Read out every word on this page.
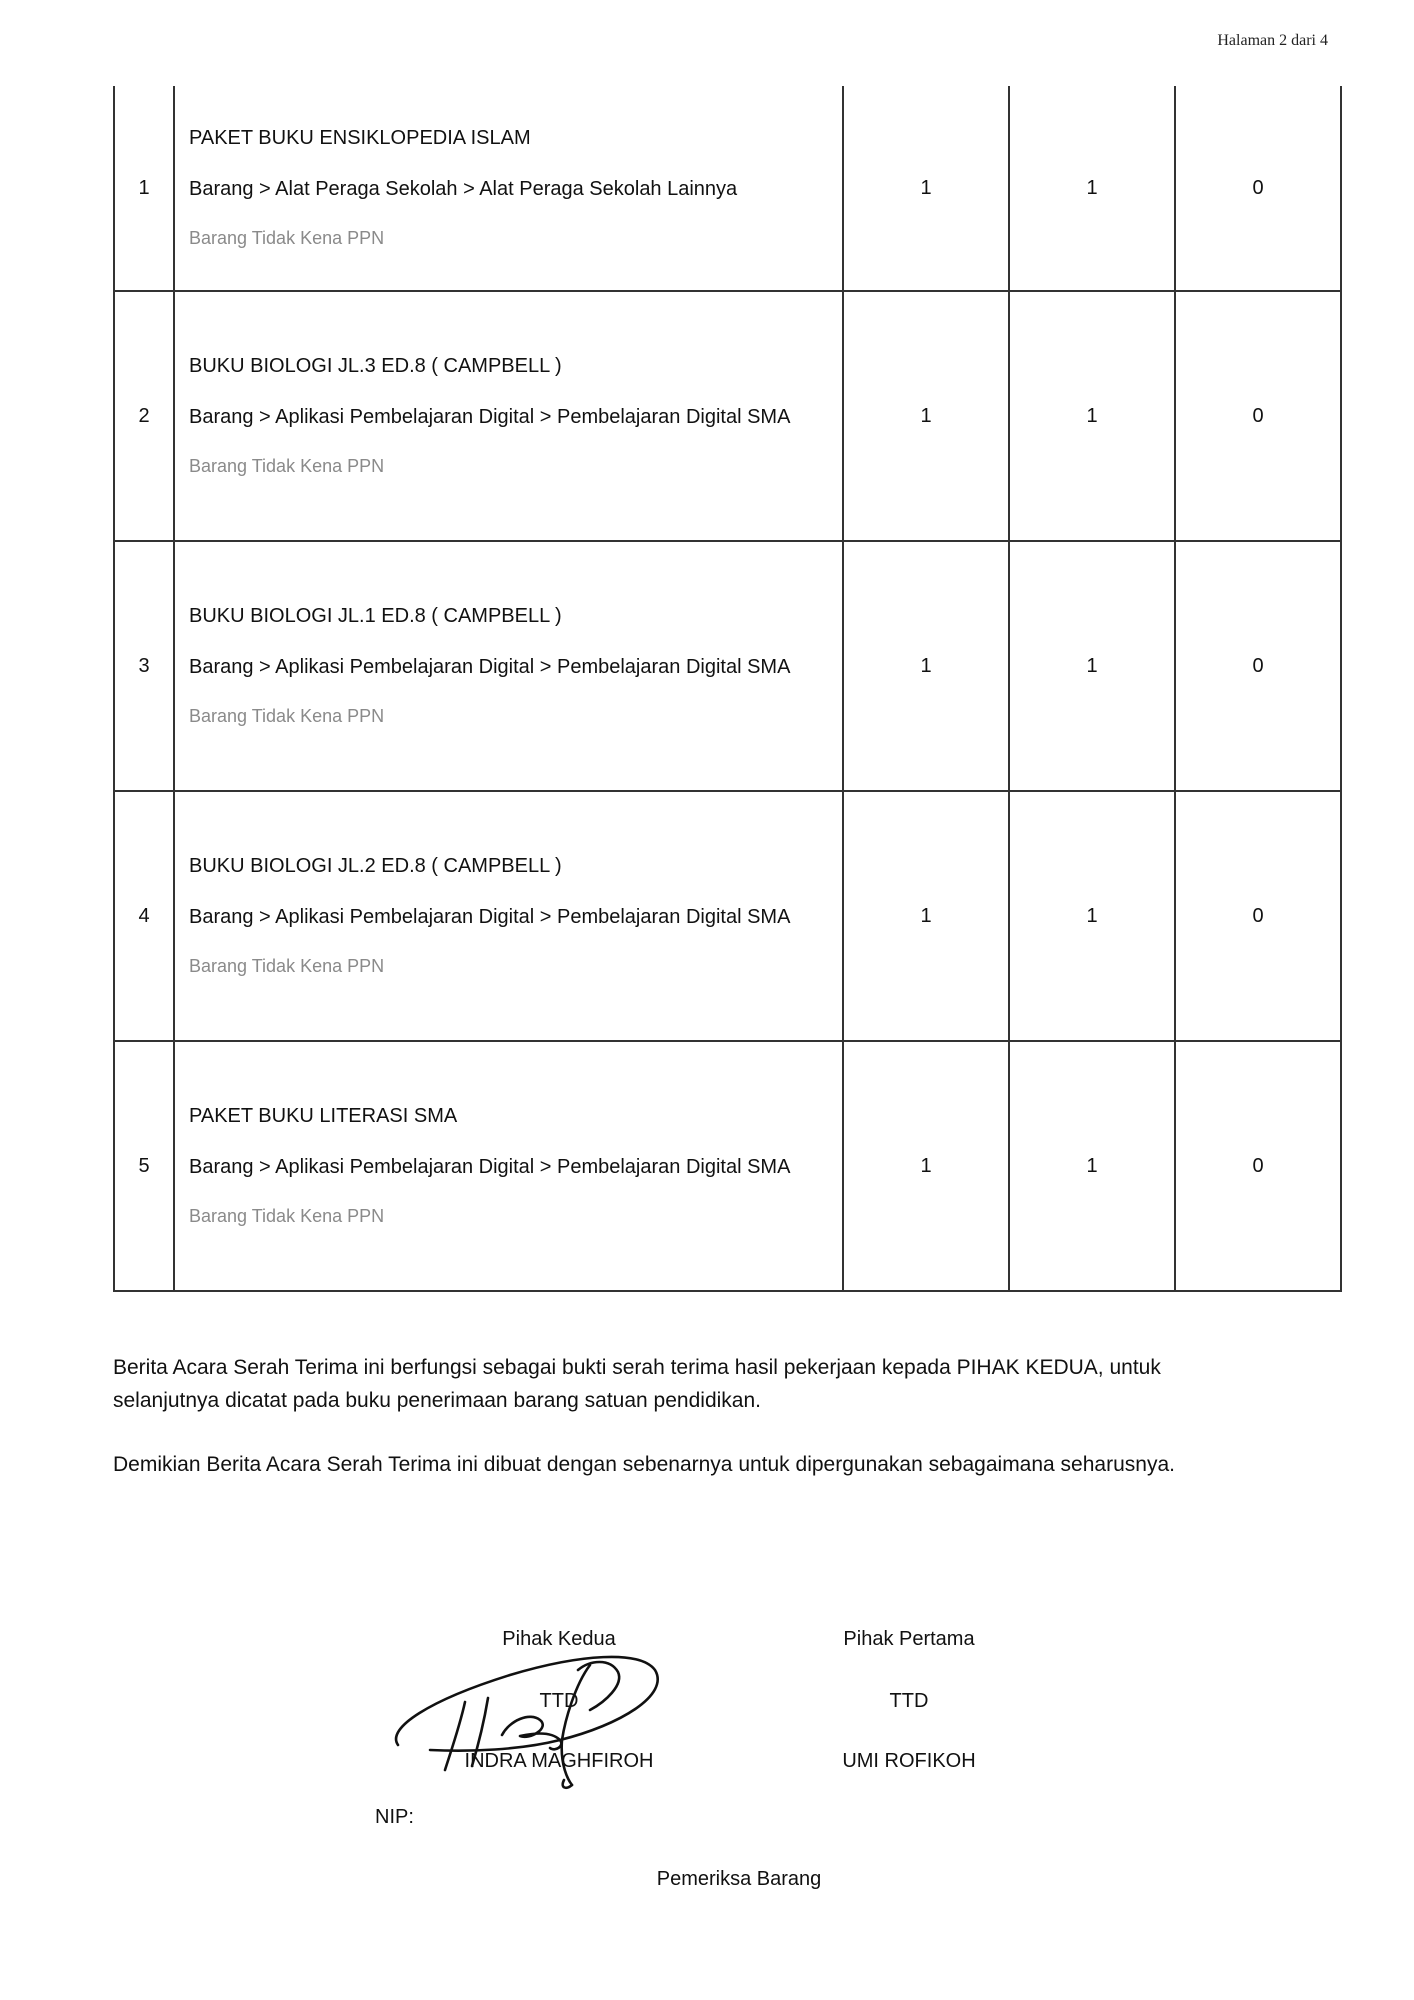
Halaman 2 dari 4
1	PAKET BUKU ENSIKLOPEDIA ISLAM

Barang > Alat Peraga Sekolah > Alat Peraga Sekolah Lainnya

Barang Tidak Kena PPN	1	1	0
2	BUKU BIOLOGI JL.3 ED.8 ( CAMPBELL )

Barang > Aplikasi Pembelajaran Digital > Pembelajaran Digital SMA

Barang Tidak Kena PPN	1	1	0
3	BUKU BIOLOGI JL.1 ED.8 ( CAMPBELL )

Barang > Aplikasi Pembelajaran Digital > Pembelajaran Digital SMA

Barang Tidak Kena PPN	1	1	0
4	BUKU BIOLOGI JL.2 ED.8 ( CAMPBELL )

Barang > Aplikasi Pembelajaran Digital > Pembelajaran Digital SMA

Barang Tidak Kena PPN	1	1	0
5	PAKET BUKU LITERASI SMA

Barang > Aplikasi Pembelajaran Digital > Pembelajaran Digital SMA

Barang Tidak Kena PPN	1	1	0

Berita Acara Serah Terima ini berfungsi sebagai bukti serah terima hasil pekerjaan kepada PIHAK KEDUA, untuk selanjutnya dicatat pada buku penerimaan barang satuan pendidikan.

Demikian Berita Acara Serah Terima ini dibuat dengan sebenarnya untuk dipergunakan sebagaimana seharusnya.

Pihak Kedua	Pihak Pertama

TTD	TTD

INDRA MAGHFIROH	UMI ROFIKOH

NIP:

Pemeriksa Barang
